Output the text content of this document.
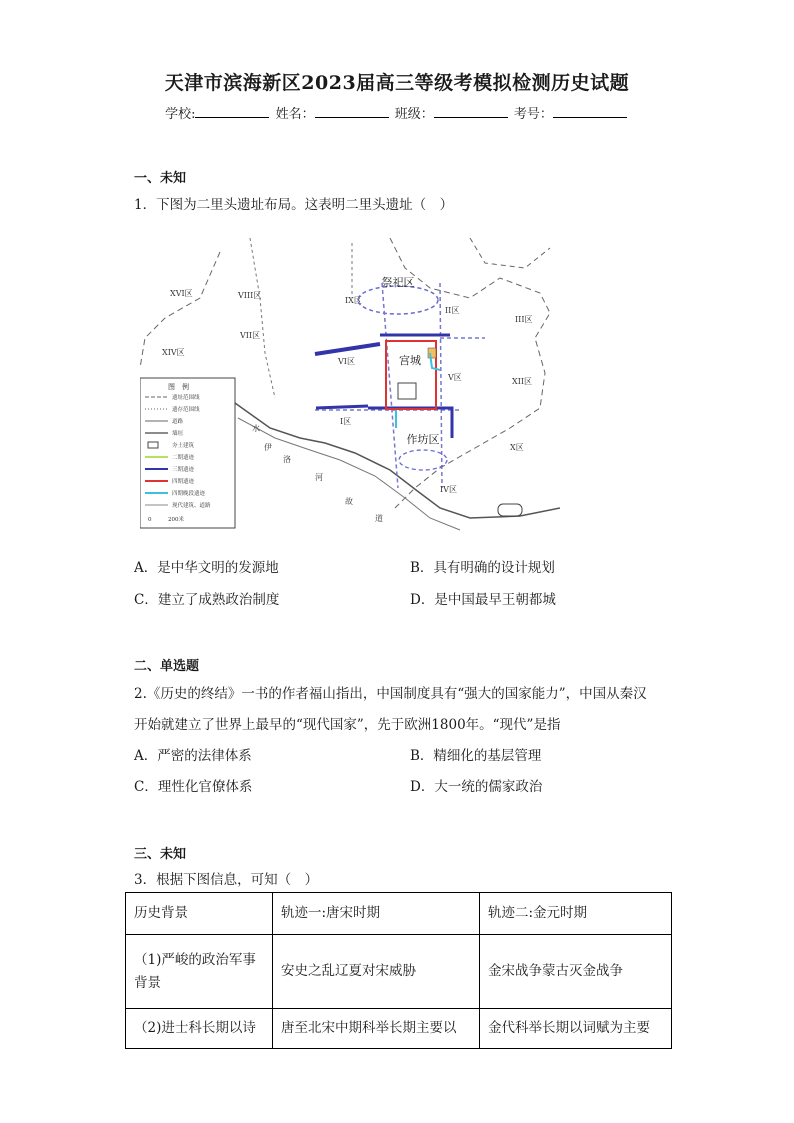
天津市滨海新区2023届高三等级考模拟检测历史试题
学校:	姓名：	班级：	考号：
一、未知
1．下图为二里头遗址布局。这表明二里头遗址（　）
祭祀区
宫城
作坊区
XVI区	VIII区
IX区
VII区
XIV区
VI区
II区
III区
V区	XII区
I区
IV区
X区
水
伊
洛
河
故
道
图　例
遗址范围线
遗存范围线
道路
墙垣
夯土建筑
二期遗迹
三期遗迹
四期遗迹
四期晚段遗迹
现代建筑、道路
0　　　200米
A．是中华文明的发源地	B．具有明确的设计规划
C．建立了成熟政治制度	D．是中国最早王朝都城
二、单选题
2.《历史的终结》一书的作者福山指出，中国制度具有“强大的国家能力”，中国从秦汉
开始就建立了世界上最早的“现代国家”，先于欧洲1800年。“现代”是指
A．严密的法律体系	B．精细化的基层管理
C．理性化官僚体系	D．大一统的儒家政治
三、未知
3．根据下图信息，可知（　）
历史背景	轨迹一:唐宋时期	轨迹二:金元时期

（1)严峻的政治军事
背景	安史之乱辽夏对宋威胁	金宋战争蒙古灭金战争
（2)进士科长期以诗	唐至北宋中期科举长期主要以	金代科举长期以词赋为主要
